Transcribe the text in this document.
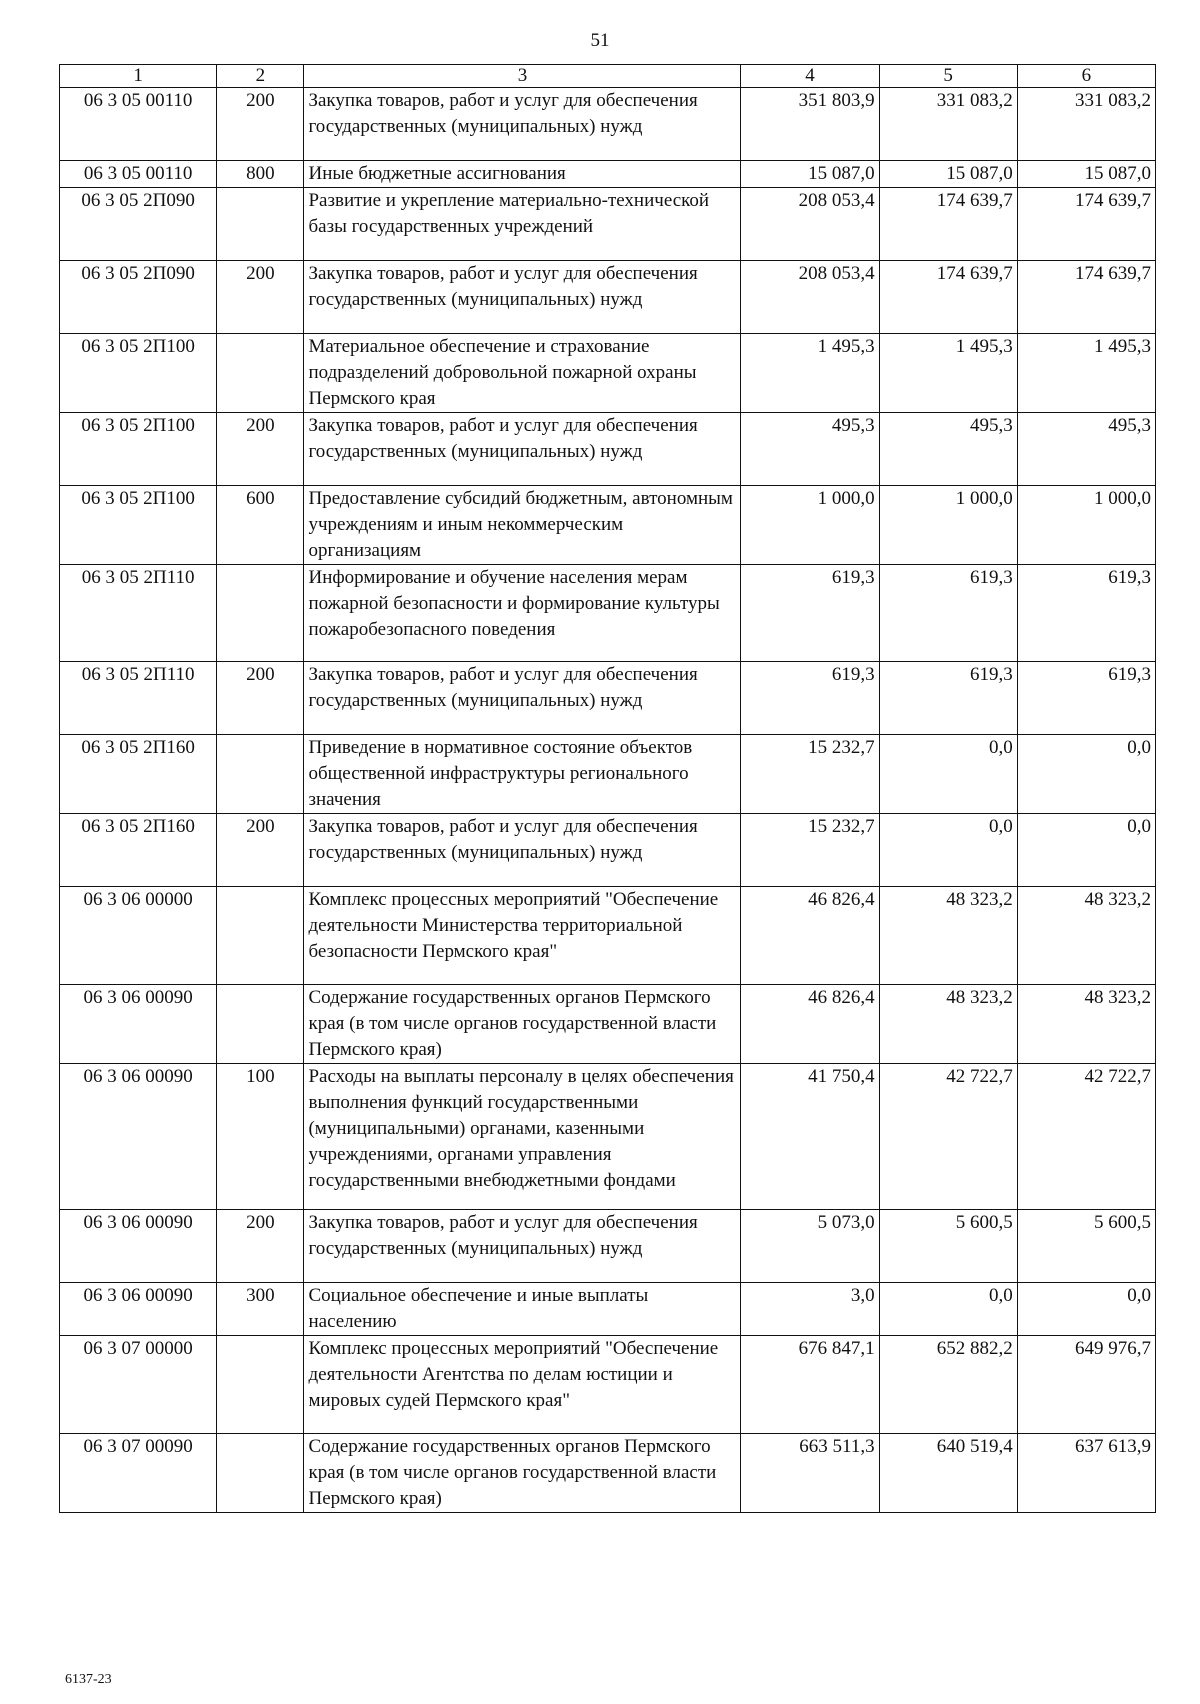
51
1	2	3	4	5	6
06 3 05 00110	200	Закупка товаров, работ и услуг для обеспечения государственных (муниципальных) нужд	351 803,9	331 083,2	331 083,2
06 3 05 00110	800	Иные бюджетные ассигнования	15 087,0	15 087,0	15 087,0
06 3 05 2П090		Развитие и укрепление материально-технической базы государственных учреждений	208 053,4	174 639,7	174 639,7
06 3 05 2П090	200	Закупка товаров, работ и услуг для обеспечения государственных (муниципальных) нужд	208 053,4	174 639,7	174 639,7
06 3 05 2П100		Материальное обеспечение и страхование подразделений добровольной пожарной охраны Пермского края	1 495,3	1 495,3	1 495,3
06 3 05 2П100	200	Закупка товаров, работ и услуг для обеспечения государственных (муниципальных) нужд	495,3	495,3	495,3
06 3 05 2П100	600	Предоставление субсидий бюджетным, автономным учреждениям и иным некоммерческим организациям	1 000,0	1 000,0	1 000,0
06 3 05 2П110		Информирование и обучение населения мерам пожарной безопасности и формирование культуры пожаробезопасного поведения	619,3	619,3	619,3
06 3 05 2П110	200	Закупка товаров, работ и услуг для обеспечения государственных (муниципальных) нужд	619,3	619,3	619,3
06 3 05 2П160		Приведение в нормативное состояние объектов общественной инфраструктуры регионального значения	15 232,7	0,0	0,0
06 3 05 2П160	200	Закупка товаров, работ и услуг для обеспечения государственных (муниципальных) нужд	15 232,7	0,0	0,0
06 3 06 00000		Комплекс процессных мероприятий "Обеспечение деятельности Министерства территориальной безопасности Пермского края"	46 826,4	48 323,2	48 323,2
06 3 06 00090		Содержание государственных органов Пермского края (в том числе органов государственной власти Пермского края)	46 826,4	48 323,2	48 323,2
06 3 06 00090	100	Расходы на выплаты персоналу в целях обеспечения выполнения функций государственными (муниципальными) органами, казенными учреждениями, органами управления государственными внебюджетными фондами	41 750,4	42 722,7	42 722,7
06 3 06 00090	200	Закупка товаров, работ и услуг для обеспечения государственных (муниципальных) нужд	5 073,0	5 600,5	5 600,5
06 3 06 00090	300	Социальное обеспечение и иные выплаты населению	3,0	0,0	0,0
06 3 07 00000		Комплекс процессных мероприятий "Обеспечение деятельности Агентства по делам юстиции и мировых судей Пермского края"	676 847,1	652 882,2	649 976,7
06 3 07 00090		Содержание государственных органов Пермского края (в том числе органов государственной власти Пермского края)	663 511,3	640 519,4	637 613,9
6137-23
